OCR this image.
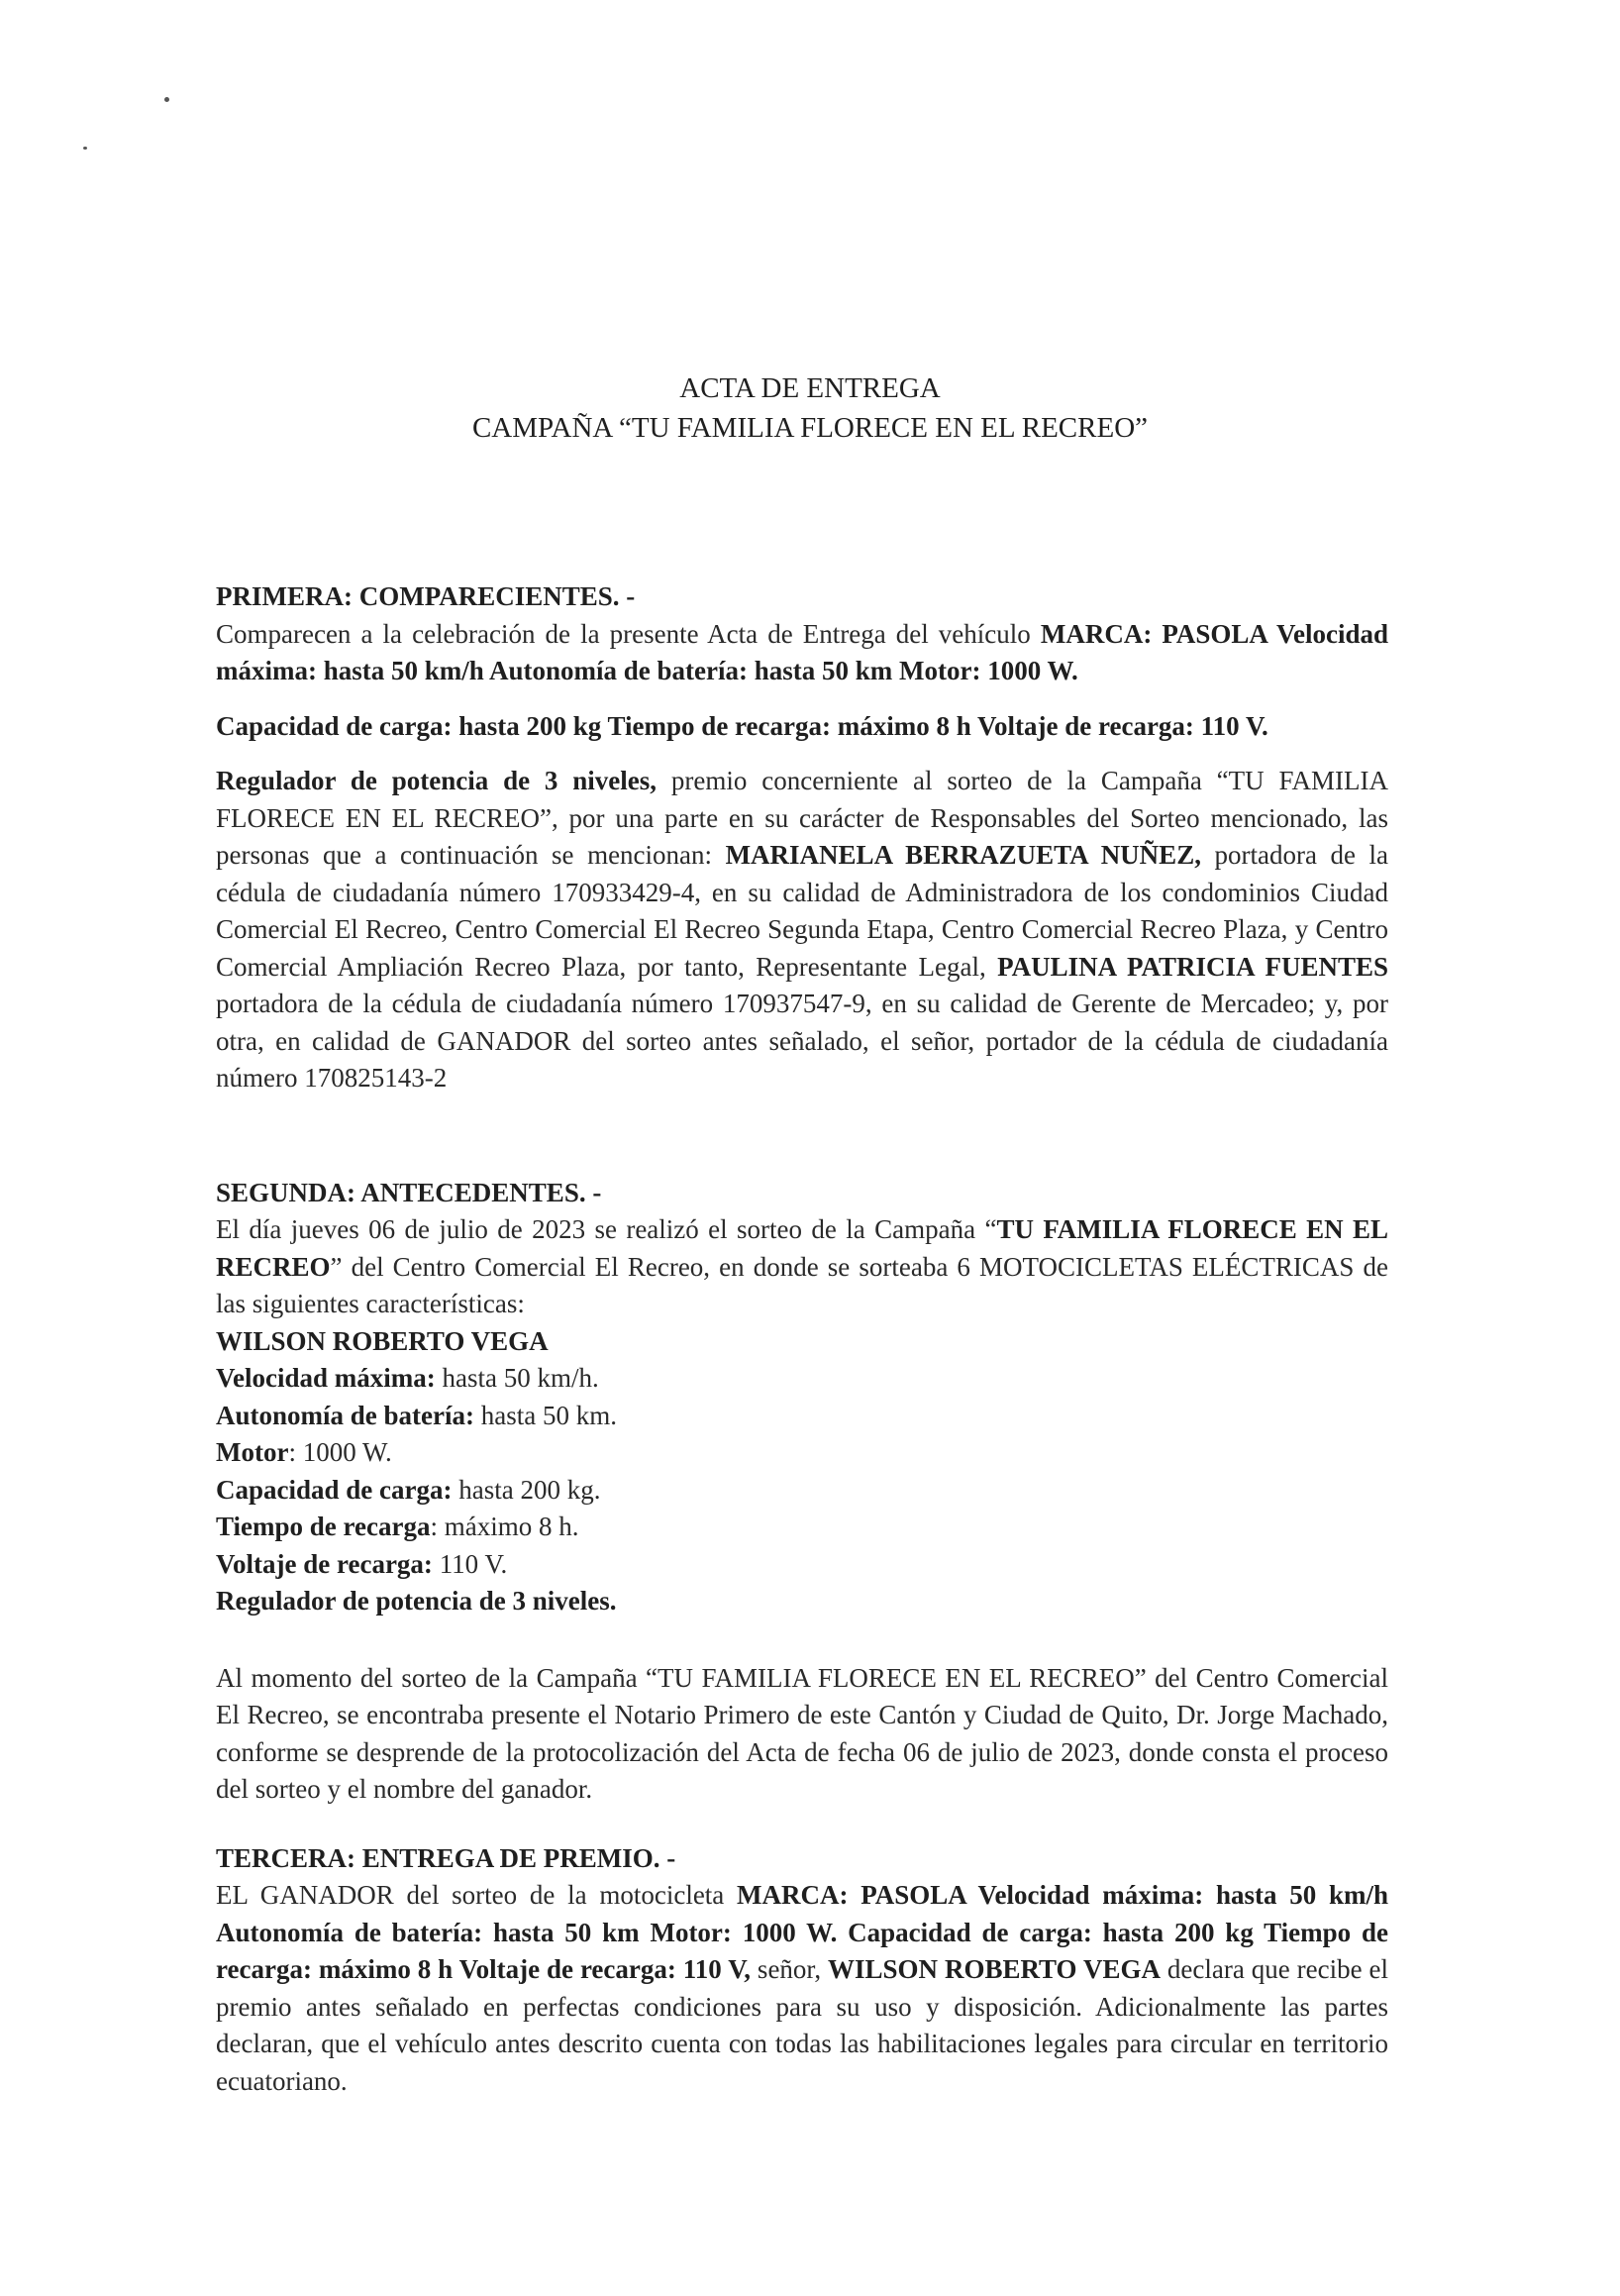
ACTA DE ENTREGA
CAMPAÑA “TU FAMILIA FLORECE EN EL RECREO”

PRIMERA: COMPARECIENTES. -

Comparecen a la celebración de la presente Acta de Entrega del vehículo MARCA: PASOLA Velocidad máxima: hasta 50 km/h Autonomía de batería: hasta 50 km Motor: 1000 W.

Capacidad de carga: hasta 200 kg Tiempo de recarga: máximo 8 h Voltaje de recarga: 110 V.

Regulador de potencia de 3 niveles, premio concerniente al sorteo de la Campaña “TU FAMILIA FLORECE EN EL RECREO”, por una parte en su carácter de Responsables del Sorteo mencionado, las personas que a continuación se mencionan: MARIANELA BERRAZUETA NUÑEZ, portadora de la cédula de ciudadanía número 170933429-4, en su calidad de Administradora de los condominios Ciudad Comercial El Recreo, Centro Comercial El Recreo Segunda Etapa, Centro Comercial Recreo Plaza, y Centro Comercial Ampliación Recreo Plaza, por tanto, Representante Legal, PAULINA PATRICIA FUENTES portadora de la cédula de ciudadanía número 170937547-9, en su calidad de Gerente de Mercadeo; y, por otra, en calidad de GANADOR del sorteo antes señalado, el señor, portador de la cédula de ciudadanía número 170825143-2

SEGUNDA: ANTECEDENTES. -

El día jueves 06 de julio de 2023 se realizó el sorteo de la Campaña “TU FAMILIA FLORECE EN EL RECREO” del Centro Comercial El Recreo, en donde se sorteaba 6 MOTOCICLETAS ELÉCTRICAS de las siguientes características:

WILSON ROBERTO VEGA

Velocidad máxima: hasta 50 km/h.

Autonomía de batería: hasta 50 km.

Motor: 1000 W.

Capacidad de carga: hasta 200 kg.

Tiempo de recarga: máximo 8 h.

Voltaje de recarga: 110 V.

Regulador de potencia de 3 niveles.

Al momento del sorteo de la Campaña “TU FAMILIA FLORECE EN EL RECREO” del Centro Comercial El Recreo, se encontraba presente el Notario Primero de este Cantón y Ciudad de Quito, Dr. Jorge Machado, conforme se desprende de la protocolización del Acta de fecha 06 de julio de 2023, donde consta el proceso del sorteo y el nombre del ganador.

TERCERA: ENTREGA DE PREMIO. -

EL GANADOR del sorteo de la motocicleta MARCA: PASOLA Velocidad máxima: hasta 50 km/h Autonomía de batería: hasta 50 km Motor: 1000 W. Capacidad de carga: hasta 200 kg Tiempo de recarga: máximo 8 h Voltaje de recarga: 110 V, señor, WILSON ROBERTO VEGA declara que recibe el premio antes señalado en perfectas condiciones para su uso y disposición. Adicionalmente las partes declaran, que el vehículo antes descrito cuenta con todas las habilitaciones legales para circular en territorio ecuatoriano.
